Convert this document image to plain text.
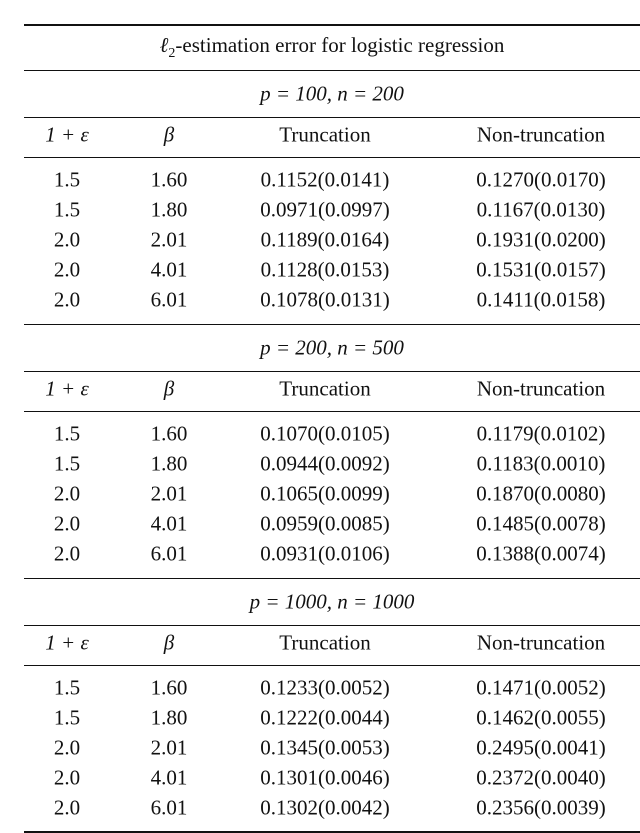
ℓ$_2$-estimation error for logistic regression
p = 100, n = 200
1 + ε	β	Truncation	Non-truncation
1.5	1.60	0.1152(0.0141)	0.1270(0.0170)
1.5	1.80	0.0971(0.0997)	0.1167(0.0130)
2.0	2.01	0.1189(0.0164)	0.1931(0.0200)
2.0	4.01	0.1128(0.0153)	0.1531(0.0157)
2.0	6.01	0.1078(0.0131)	0.1411(0.0158)
p = 200, n = 500
1 + ε	β	Truncation	Non-truncation
1.5	1.60	0.1070(0.0105)	0.1179(0.0102)
1.5	1.80	0.0944(0.0092)	0.1183(0.0010)
2.0	2.01	0.1065(0.0099)	0.1870(0.0080)
2.0	4.01	0.0959(0.0085)	0.1485(0.0078)
2.0	6.01	0.0931(0.0106)	0.1388(0.0074)
p = 1000, n = 1000
1 + ε	β	Truncation	Non-truncation
1.5	1.60	0.1233(0.0052)	0.1471(0.0052)
1.5	1.80	0.1222(0.0044)	0.1462(0.0055)
2.0	2.01	0.1345(0.0053)	0.2495(0.0041)
2.0	4.01	0.1301(0.0046)	0.2372(0.0040)
2.0	6.01	0.1302(0.0042)	0.2356(0.0039)
